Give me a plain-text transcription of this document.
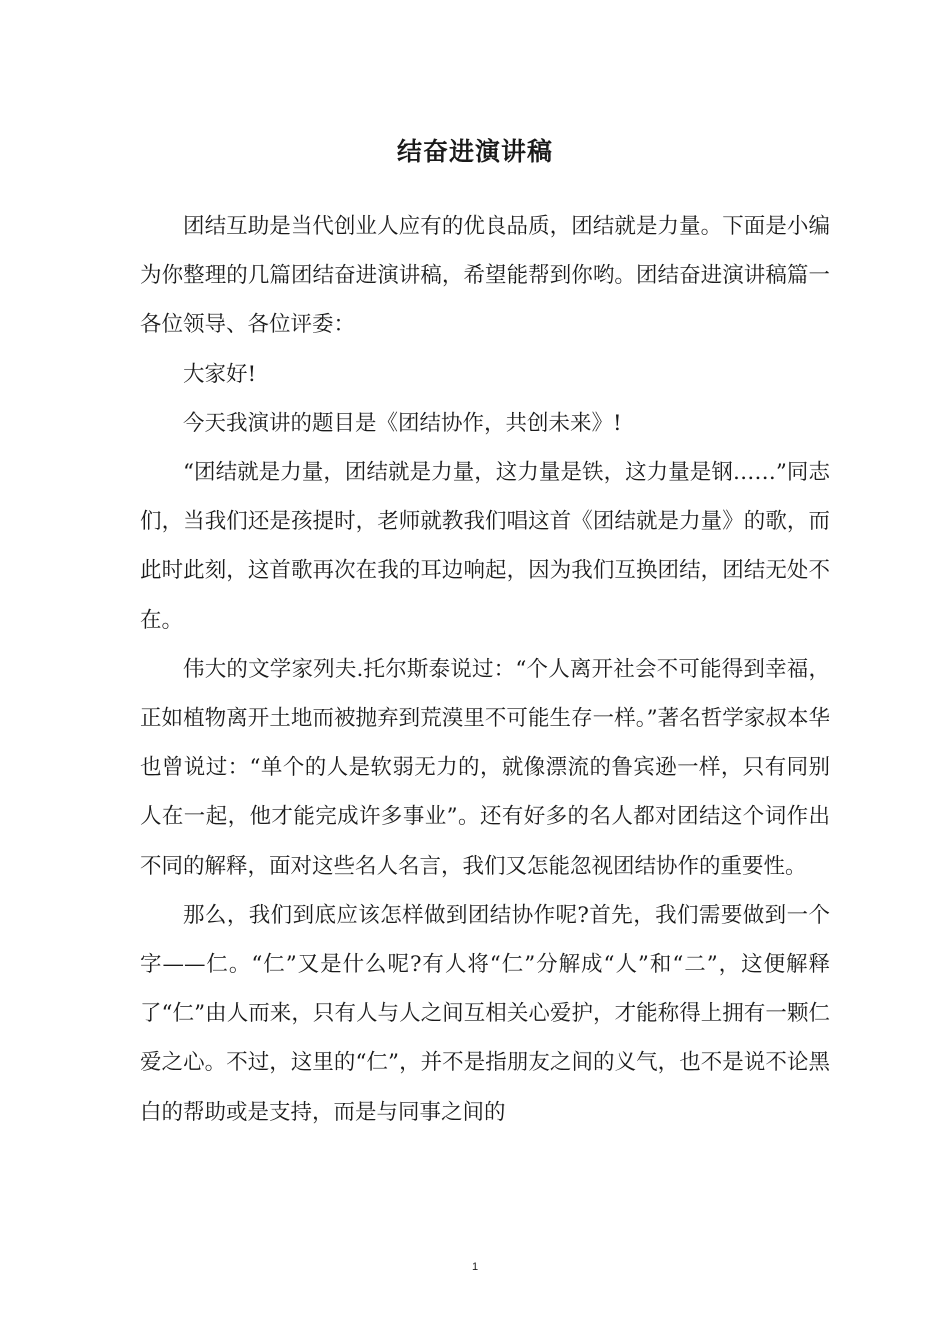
结奋进演讲稿

团结互助是当代创业人应有的优良品质，团结就是力量。下面是小编为你整理的几篇团结奋进演讲稿，希望能帮到你哟。团结奋进演讲稿篇一各位领导、各位评委：

大家好!

今天我演讲的题目是《团结协作，共创未来》!

“团结就是力量，团结就是力量，这力量是铁，这力量是钢……”同志们，当我们还是孩提时，老师就教我们唱这首《团结就是力量》的歌，而此时此刻，这首歌再次在我的耳边响起，因为我们互换团结，团结无处不在。

伟大的文学家列夫.托尔斯泰说过：“个人离开社会不可能得到幸福，正如植物离开土地而被抛弃到荒漠里不可能生存一样。”著名哲学家叔本华也曾说过：“单个的人是软弱无力的，就像漂流的鲁宾逊一样，只有同别人在一起，他才能完成许多事业”。还有好多的名人都对团结这个词作出不同的解释，面对这些名人名言，我们又怎能忽视团结协作的重要性。

那么，我们到底应该怎样做到团结协作呢?首先，我们需要做到一个字——仁。“仁”又是什么呢?有人将“仁”分解成“人”和“二”，这便解释了“仁”由人而来，只有人与人之间互相关心爱护，才能称得上拥有一颗仁爱之心。不过，这里的“仁”，并不是指朋友之间的义气，也不是说不论黑白的帮助或是支持，而是与同事之间的

1
